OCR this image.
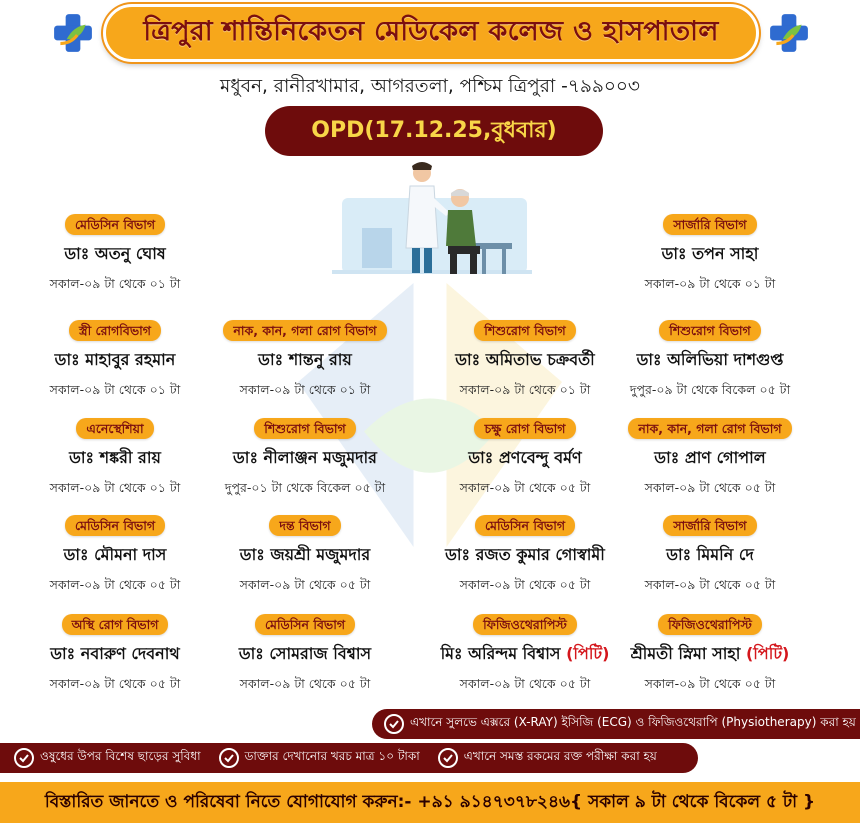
ত্রিপুরা শান্তিনিকেতন মেডিকেল কলেজ ও হাসপাতাল
মধুবন, রানীরখামার, আগরতলা, পশ্চিম ত্রিপুরা -৭৯৯০০৩
OPD(17.12.25,বুধবার)
মেডিসিন বিভাগ
ডাঃ অতনু ঘোষ
সকাল-০৯ টা থেকে ০১ টা
সার্জারি বিভাগ
ডাঃ তপন সাহা
সকাল-০৯ টা থেকে ০১ টা
স্ত্রী রোগবিভাগ
ডাঃ মাহাবুর রহমান
সকাল-০৯ টা থেকে ০১ টা
নাক, কান, গলা রোগ বিভাগ
ডাঃ শান্তনু রায়
সকাল-০৯ টা থেকে ০১ টা
শিশুরোগ বিভাগ
ডাঃ অমিতাভ চক্রবর্তী
সকাল-০৯ টা থেকে ০১ টা
শিশুরোগ বিভাগ
ডাঃ অলিভিয়া দাশগুপ্ত
দুপুর-০৯ টা থেকে বিকেল ০৫ টা
এনেস্থেশিয়া
ডাঃ শঙ্করী রায়
সকাল-০৯ টা থেকে ০১ টা
শিশুরোগ বিভাগ
ডাঃ নীলাঞ্জন মজুমদার
দুপুর-০১ টা থেকে বিকেল ০৫ টা
চক্ষু রোগ বিভাগ
ডাঃ প্রণবেন্দু বর্মণ
সকাল-০৯ টা থেকে ০৫ টা
নাক, কান, গলা রোগ বিভাগ
ডাঃ প্রাণ গোপাল
সকাল-০৯ টা থেকে ০৫ টা
মেডিসিন বিভাগ
ডাঃ মৌমনা দাস
সকাল-০৯ টা থেকে ০৫ টা
দন্ত বিভাগ
ডাঃ জয়শ্রী মজুমদার
সকাল-০৯ টা থেকে ০৫ টা
মেডিসিন বিভাগ
ডাঃ রজত কুমার গোস্বামী
সকাল-০৯ টা থেকে ০৫ টা
সার্জারি বিভাগ
ডাঃ মিমনি দে
সকাল-০৯ টা থেকে ০৫ টা
অস্থি রোগ বিভাগ
ডাঃ নবারুণ দেবনাথ
সকাল-০৯ টা থেকে ০৫ টা
মেডিসিন বিভাগ
ডাঃ সোমরাজ বিশ্বাস
সকাল-০৯ টা থেকে ০৫ টা
ফিজিওথেরাপিস্ট
মিঃ অরিন্দম বিশ্বাস (পিটি)
সকাল-০৯ টা থেকে ০৫ টা
ফিজিওথেরাপিস্ট
শ্রীমতী স্নিমা সাহা (পিটি)
সকাল-০৯ টা থেকে ০৫ টা
এখানে সুলভে এক্সরে (X-RAY) ইসিজি (ECG) ও ফিজিওথেরাপি (Physiotherapy) করা হয়
ওষুধের উপর বিশেষ ছাড়ের সুবিধা	ডাক্তার দেখানোর খরচ মাত্র ১০ টাকা	এখানে সমস্ত রকমের রক্ত পরীক্ষা করা হয়
বিস্তারিত জানতে ও পরিষেবা নিতে যোগাযোগ করুন:- +৯১ ৯১৪৭৩৭৮২৪৬{ সকাল ৯ টা থেকে বিকেল ৫ টা }
